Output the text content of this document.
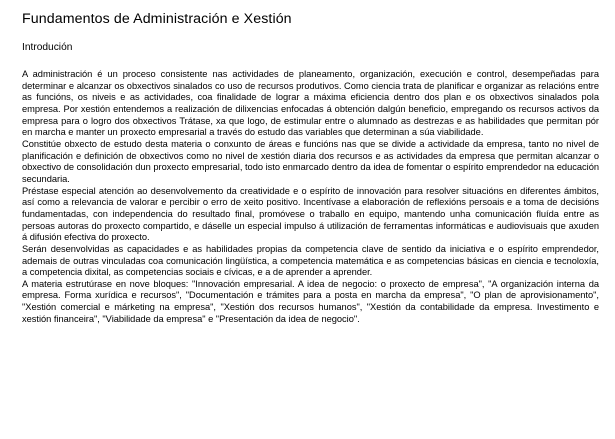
Fundamentos de Administración e Xestión
Introdución

A administración é un proceso consistente nas actividades de planeamento, organización, execución e control, desempeñadas para determinar e alcanzar os obxectivos sinalados co uso de recursos produtivos. Como ciencia trata de planificar e organizar as relacións entre as funcións, os niveis e as actividades, coa finalidade de lograr a máxima eficiencia dentro dos plan e os obxectivos sinalados pola empresa. Por xestión entendemos a realización de dilixencias enfocadas á obtención dalgún beneficio, empregando os recursos activos da empresa para o logro dos obxectivos Trátase, xa que logo, de estimular entre o alumnado as destrezas e as habilidades que permitan pór en marcha e manter un proxecto empresarial a través do estudo das variables que determinan a súa viabilidade.

Constitúe obxecto de estudo desta materia o conxunto de áreas e funcións nas que se divide a actividade da empresa, tanto no nivel de planificación e definición de obxectivos como no nivel de xestión diaria dos recursos e as actividades da empresa que permitan alcanzar o obxectivo de consolidación dun proxecto empresarial, todo isto enmarcado dentro da idea de fomentar o espírito emprendedor na educación secundaria.

Préstase especial atención ao desenvolvemento da creatividade e o espírito de innovación para resolver situacións en diferentes ámbitos, así como a relevancia de valorar e percibir o erro de xeito positivo. Incentívase a elaboración de reflexións persoais e a toma de decisións fundamentadas, con independencia do resultado final, promóvese o traballo en equipo, mantendo unha comunicación fluída entre as persoas autoras do proxecto compartido, e dáselle un especial impulso á utilización de ferramentas informáticas e audiovisuais que axuden á difusión efectiva do proxecto.

Serán desenvolvidas as capacidades e as habilidades propias da competencia clave de sentido da iniciativa e o espírito emprendedor, ademais de outras vinculadas coa comunicación lingüística, a competencia matemática e as competencias básicas en ciencia e tecnoloxía, a competencia dixital, as competencias sociais e cívicas, e a de aprender a aprender.

A materia estrutúrase en nove bloques: "Innovación empresarial. A idea de negocio: o proxecto de empresa", "A organización interna da empresa. Forma xurídica e recursos", "Documentación e trámites para a posta en marcha da empresa", "O plan de aprovisionamento", "Xestión comercial e márketing na empresa", "Xestión dos recursos humanos", "Xestión da contabilidade da empresa. Investimento e xestión financeira", "Viabilidade da empresa" e "Presentación da idea de negocio".
